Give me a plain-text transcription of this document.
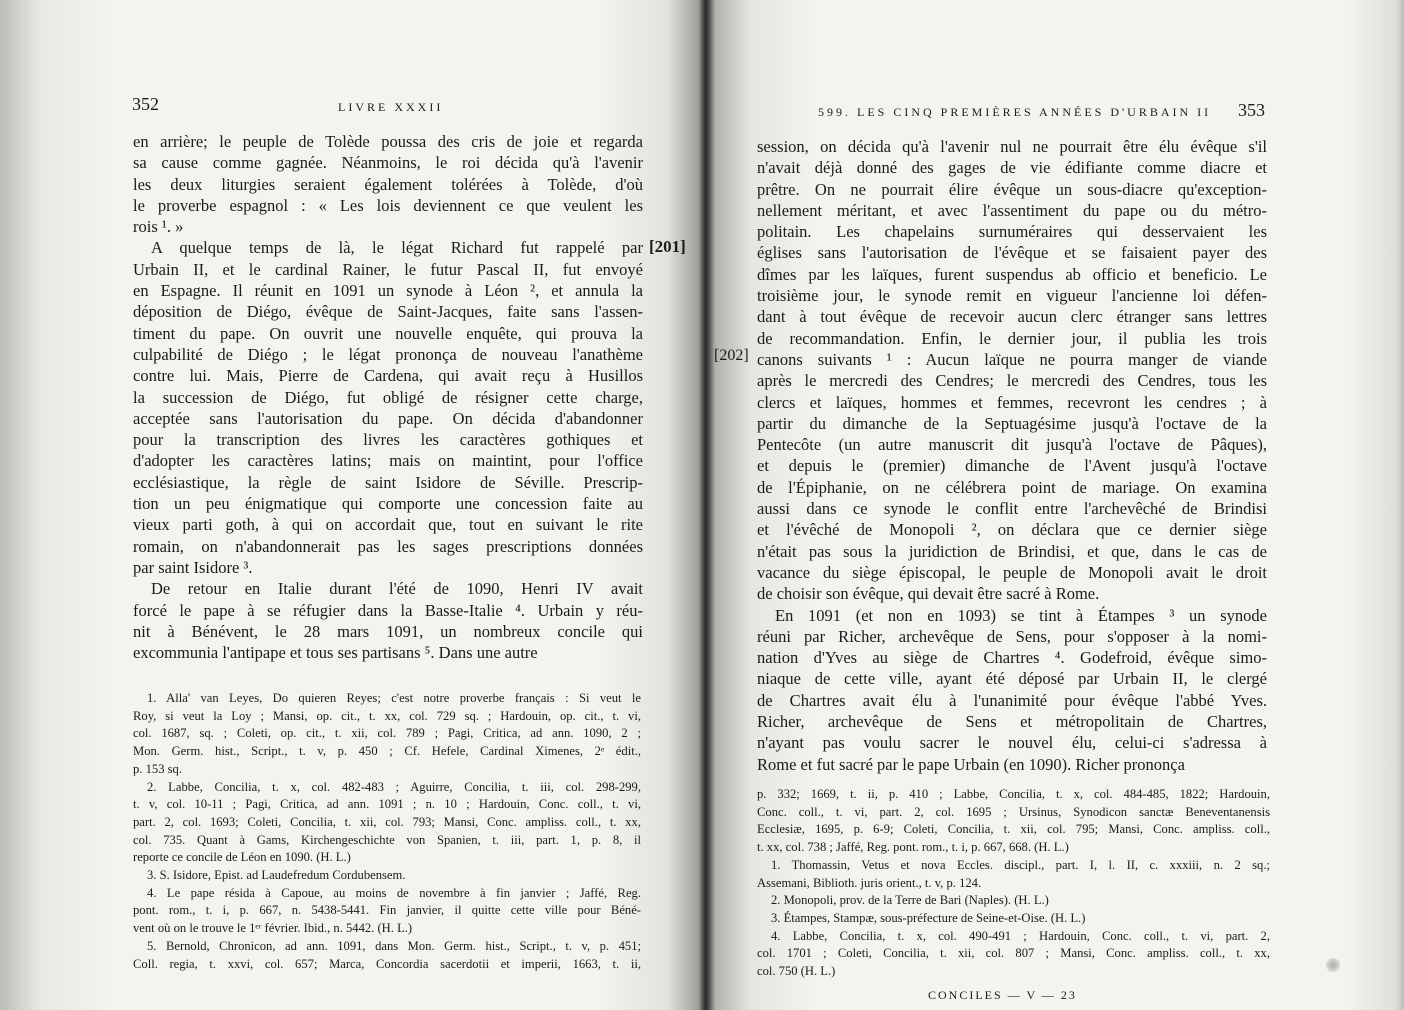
352	LIVRE XXXII
en arrière; le peuple de Tolède poussa des cris de joie et regarda
sa cause comme gagnée. Néanmoins, le roi décida qu'à l'avenir
les deux liturgies seraient également tolérées à Tolède, d'où
le proverbe espagnol : « Les lois deviennent ce que veulent les
rois ¹. »
A quelque temps de là, le légat Richard fut rappelé par
Urbain II, et le cardinal Rainer, le futur Pascal II, fut envoyé
en Espagne. Il réunit en 1091 un synode à Léon ², et annula la
déposition de Diégo, évêque de Saint-Jacques, faite sans l'assen-
timent du pape. On ouvrit une nouvelle enquête, qui prouva la
culpabilité de Diégo ; le légat prononça de nouveau l'anathème
contre lui. Mais, Pierre de Cardena, qui avait reçu à Husillos
la succession de Diégo, fut obligé de résigner cette charge,
acceptée sans l'autorisation du pape. On décida d'abandonner
pour la transcription des livres les caractères gothiques et
d'adopter les caractères latins; mais on maintint, pour l'office
ecclésiastique, la règle de saint Isidore de Séville. Prescrip-
tion un peu énigmatique qui comporte une concession faite au
vieux parti goth, à qui on accordait que, tout en suivant le rite
romain, on n'abandonnerait pas les sages prescriptions données
par saint Isidore ³.
De retour en Italie durant l'été de 1090, Henri IV avait
forcé le pape à se réfugier dans la Basse-Italie ⁴. Urbain y réu-
nit à Bénévent, le 28 mars 1091, un nombreux concile qui
excommunia l'antipape et tous ses partisans ⁵. Dans une autre
[201]
1. Alla' van Leyes, Do quieren Reyes; c'est notre proverbe français : Si veut le
Roy, si veut la Loy ; Mansi, op. cit., t. xx, col. 729 sq. ; Hardouin, op. cit., t. vi,
col. 1687, sq. ; Coleti, op. cit., t. xii, col. 789 ; Pagi, Critica, ad ann. 1090, 2 ;
Mon. Germ. hist., Script., t. v, p. 450 ; Cf. Hefele, Cardinal Ximenes, 2ᵉ édit.,
p. 153 sq.
2. Labbe, Concilia, t. x, col. 482-483 ; Aguirre, Concilia, t. iii, col. 298-299,
t. v, col. 10-11 ; Pagi, Critica, ad ann. 1091 ; n. 10 ; Hardouin, Conc. coll., t. vi,
part. 2, col. 1693; Coleti, Concilia, t. xii, col. 793; Mansi, Conc. ampliss. coll., t. xx,
col. 735. Quant à Gams, Kirchengeschichte von Spanien, t. iii, part. 1, p. 8, il
reporte ce concile de Léon en 1090. (H. L.)
3. S. Isidore, Epist. ad Laudefredum Cordubensem.
4. Le pape résida à Capoue, au moins de novembre à fin janvier ; Jaffé, Reg.
pont. rom., t. i, p. 667, n. 5438-5441. Fin janvier, il quitte cette ville pour Béné-
vent où on le trouve le 1ᵉʳ février. Ibid., n. 5442. (H. L.)
5. Bernold, Chronicon, ad ann. 1091, dans Mon. Germ. hist., Script., t. v, p. 451;
Coll. regia, t. xxvi, col. 657; Marca, Concordia sacerdotii et imperii, 1663, t. ii,
599. LES CINQ PREMIÈRES ANNÉES D'URBAIN II 353
[202]
session, on décida qu'à l'avenir nul ne pourrait être élu évêque s'il
n'avait déjà donné des gages de vie édifiante comme diacre et
prêtre. On ne pourrait élire évêque un sous-diacre qu'exception-
nellement méritant, et avec l'assentiment du pape ou du métro-
politain. Les chapelains surnuméraires qui desservaient les
églises sans l'autorisation de l'évêque et se faisaient payer des
dîmes par les laïques, furent suspendus ab officio et beneficio. Le
troisième jour, le synode remit en vigueur l'ancienne loi défen-
dant à tout évêque de recevoir aucun clerc étranger sans lettres
de recommandation. Enfin, le dernier jour, il publia les trois
canons suivants ¹ : Aucun laïque ne pourra manger de viande
après le mercredi des Cendres; le mercredi des Cendres, tous les
clercs et laïques, hommes et femmes, recevront les cendres ; à
partir du dimanche de la Septuagésime jusqu'à l'octave de la
Pentecôte (un autre manuscrit dit jusqu'à l'octave de Pâques),
et depuis le (premier) dimanche de l'Avent jusqu'à l'octave
de l'Épiphanie, on ne célébrera point de mariage. On examina
aussi dans ce synode le conflit entre l'archevêché de Brindisi
et l'évêché de Monopoli ², on déclara que ce dernier siège
n'était pas sous la juridiction de Brindisi, et que, dans le cas de
vacance du siège épiscopal, le peuple de Monopoli avait le droit
de choisir son évêque, qui devait être sacré à Rome.
En 1091 (et non en 1093) se tint à Étampes ³ un synode
réuni par Richer, archevêque de Sens, pour s'opposer à la nomi-
nation d'Yves au siège de Chartres ⁴. Godefroid, évêque simo-
niaque de cette ville, ayant été déposé par Urbain II, le clergé
de Chartres avait élu à l'unanimité pour évêque l'abbé Yves.
Richer, archevêque de Sens et métropolitain de Chartres,
n'ayant pas voulu sacrer le nouvel élu, celui-ci s'adressa à
Rome et fut sacré par le pape Urbain (en 1090). Richer prononça
p. 332; 1669, t. ii, p. 410 ; Labbe, Concilia, t. x, col. 484-485, 1822; Hardouin,
Conc. coll., t. vi, part. 2, col. 1695 ; Ursinus, Synodicon sanctæ Beneventanensis
Ecclesiæ, 1695, p. 6-9; Coleti, Concilia, t. xii, col. 795; Mansi, Conc. ampliss. coll.,
t. xx, col. 738 ; Jaffé, Reg. pont. rom., t. i, p. 667, 668. (H. L.)
1. Thomassin, Vetus et nova Eccles. discipl., part. I, l. II, c. xxxiii, n. 2 sq.;
Assemani, Biblioth. juris orient., t. v, p. 124.
2. Monopoli, prov. de la Terre de Bari (Naples). (H. L.)
3. Étampes, Stampæ, sous-préfecture de Seine-et-Oise. (H. L.)
4. Labbe, Concilia, t. x, col. 490-491 ; Hardouin, Conc. coll., t. vi, part. 2,
col. 1701 ; Coleti, Concilia, t. xii, col. 807 ; Mansi, Conc. ampliss. coll., t. xx,
col. 750 (H. L.)
CONCILES — V — 23
